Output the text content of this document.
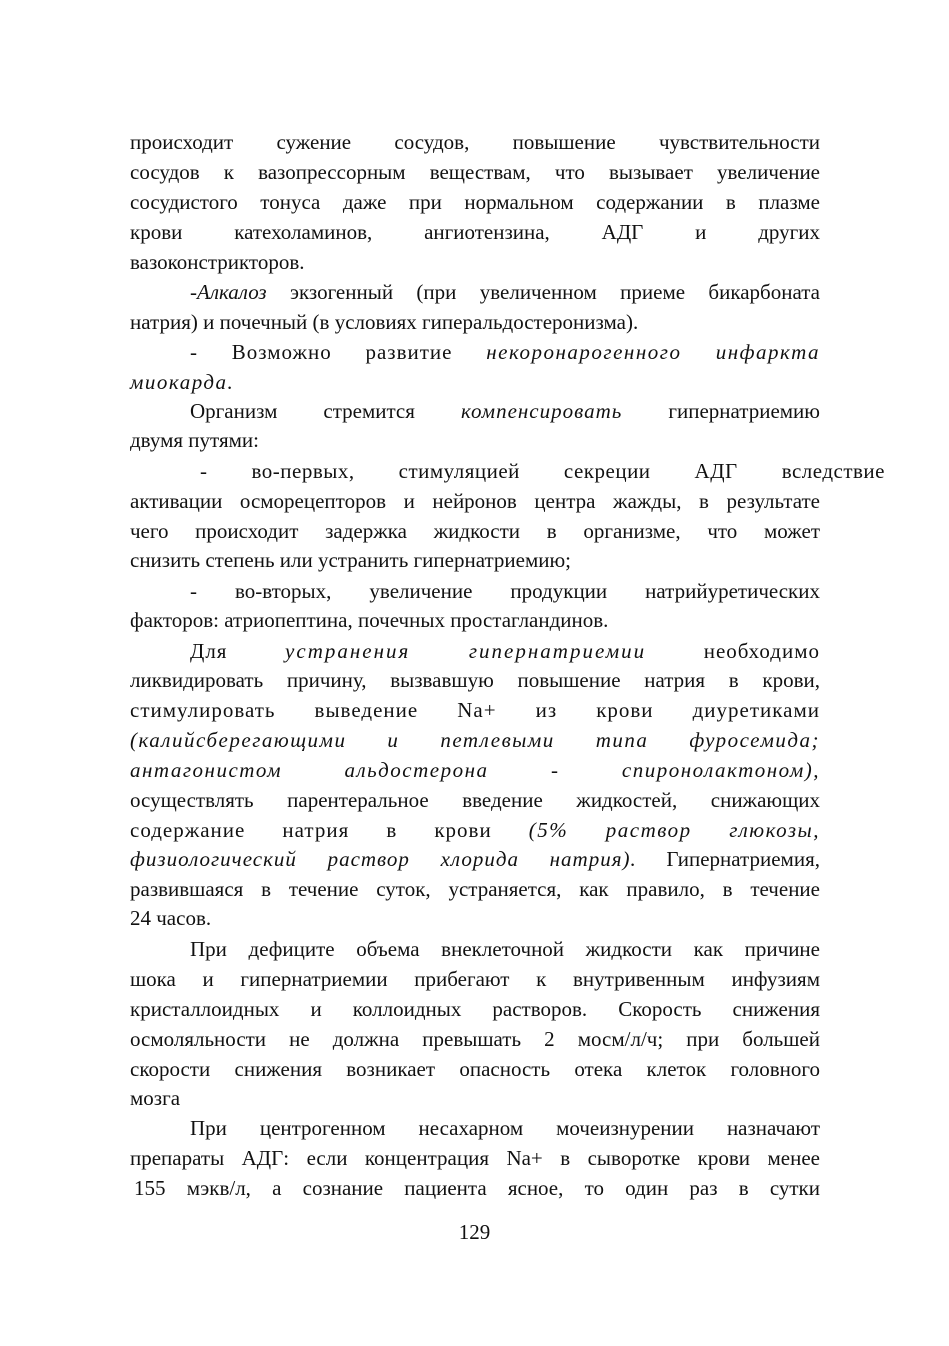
происходит сужение сосудов, повышение чувствительности
сосудов к вазопрессорным веществам, что вызывает увеличение
сосудистого тонуса даже при нормальном содержании в плазме
крови катехоламинов, ангиотензина, АДГ и других
вазоконстрикторов.
-Алкалоз экзогенный (при увеличенном приеме бикарбоната
натрия) и почечный (в условиях гиперальдостеронизма).
- Возможно развитие некоронарогенного инфаркта
миокарда.
Организм стремится компенсировать гипернатриемию
двумя путями:
- во-первых, стимуляцией секреции АДГ вследствие
активации осморецепторов и нейронов центра жажды, в результате
чего происходит задержка жидкости в организме, что может
снизить степень или устранить гипернатриемию;
- во-вторых, увеличение продукции натрийуретических
факторов: атриопептина, почечных простагландинов.
Для устранения гипернатриемии необходимо
ликвидировать причину, вызвавшую повышение натрия в крови,
стимулировать выведение Na+ из крови диуретиками
(калийсберегающими и петлевыми типа фуросемида;
антагонистом альдостерона - спиронолактоном),
осуществлять парентеральное введение жидкостей, снижающих
содержание натрия в крови (5% раствор глюкозы,
физиологический раствор хлорида натрия). Гипернатриемия,
развившаяся в течение суток, устраняется, как правило, в течение
24 часов.
При дефиците объема внеклеточной жидкости как причине
шока и гипернатриемии прибегают к внутривенным инфузиям
кристаллоидных и коллоидных растворов. Скорость снижения
осмоляльности не должна превышать 2 мосм/л/ч; при большей
скорости снижения возникает опасность отека клеток головного
мозга
При центрогенном несахарном мочеизнурении назначают
препараты АДГ: если концентрация Na+ в сыворотке крови менее
155 мэкв/л, а сознание пациента ясное, то один раз в сутки
129
